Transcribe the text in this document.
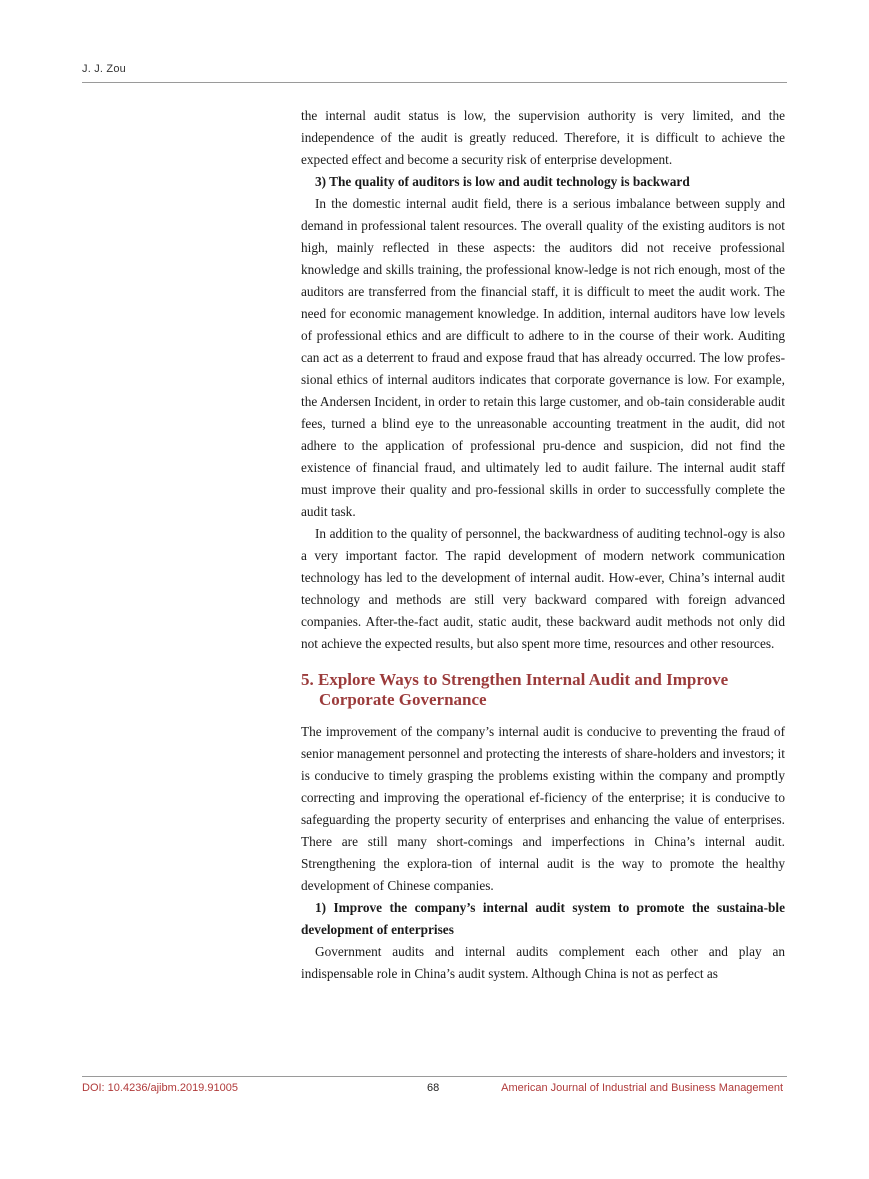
J. J. Zou

the internal audit status is low, the supervision authority is very limited, and the independence of the audit is greatly reduced. Therefore, it is difficult to achieve the expected effect and become a security risk of enterprise development.

3) The quality of auditors is low and audit technology is backward

In the domestic internal audit field, there is a serious imbalance between supply and demand in professional talent resources. The overall quality of the existing auditors is not high, mainly reflected in these aspects: the auditors did not receive professional knowledge and skills training, the professional know-ledge is not rich enough, most of the auditors are transferred from the financial staff, it is difficult to meet the audit work. The need for economic management knowledge. In addition, internal auditors have low levels of professional ethics and are difficult to adhere to in the course of their work. Auditing can act as a deterrent to fraud and expose fraud that has already occurred. The low profes-sional ethics of internal auditors indicates that corporate governance is low. For example, the Andersen Incident, in order to retain this large customer, and ob-tain considerable audit fees, turned a blind eye to the unreasonable accounting treatment in the audit, did not adhere to the application of professional pru-dence and suspicion, did not find the existence of financial fraud, and ultimately led to audit failure. The internal audit staff must improve their quality and pro-fessional skills in order to successfully complete the audit task.

In addition to the quality of personnel, the backwardness of auditing technol-ogy is also a very important factor. The rapid development of modern network communication technology has led to the development of internal audit. How-ever, China’s internal audit technology and methods are still very backward compared with foreign advanced companies. After-the-fact audit, static audit, these backward audit methods not only did not achieve the expected results, but also spent more time, resources and other resources.

5. Explore Ways to Strengthen Internal Audit and Improve
Corporate Governance

The improvement of the company’s internal audit is conducive to preventing the fraud of senior management personnel and protecting the interests of share-holders and investors; it is conducive to timely grasping the problems existing within the company and promptly correcting and improving the operational ef-ficiency of the enterprise; it is conducive to safeguarding the property security of enterprises and enhancing the value of enterprises. There are still many short-comings and imperfections in China’s internal audit. Strengthening the explora-tion of internal audit is the way to promote the healthy development of Chinese companies.

1) Improve the company’s internal audit system to promote the sustaina-ble development of enterprises

Government audits and internal audits complement each other and play an indispensable role in China’s audit system. Although China is not as perfect as

DOI: 10.4236/ajibm.2019.91005	68	American Journal of Industrial and Business Management
